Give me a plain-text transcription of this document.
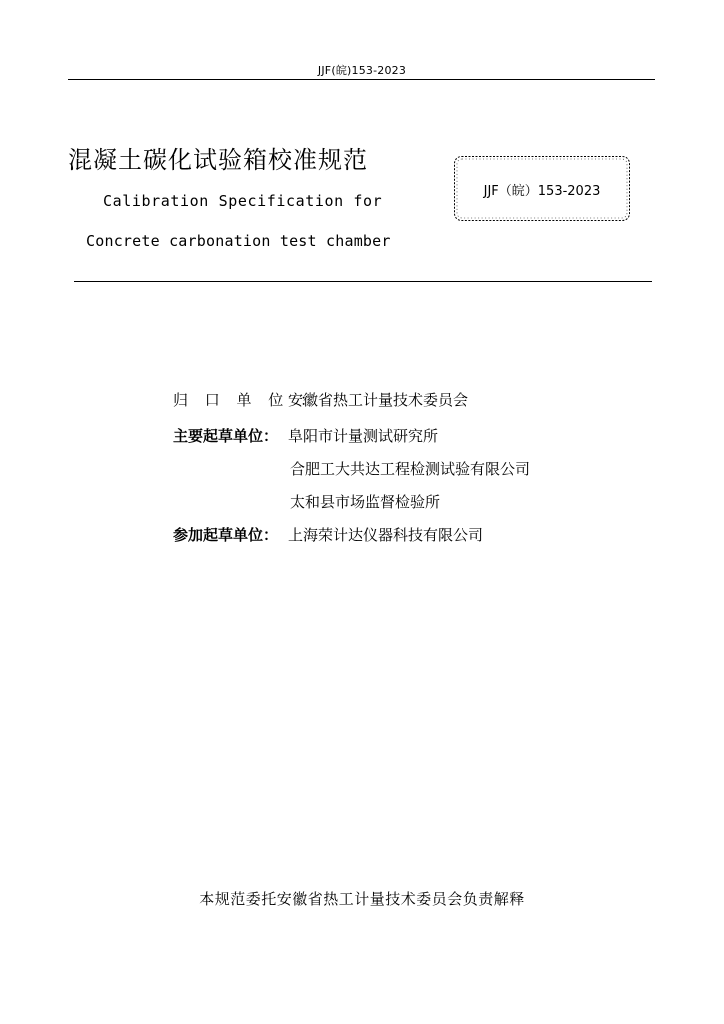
JJF(皖)153-2023
混凝土碳化试验箱校准规范
Calibration Specification for
Concrete carbonation test chamber
JJF（皖）153-2023
归 口 单 位 ：安徽省热工计量技术委员会
主要起草单位： 阜阳市计量测试研究所
合肥工大共达工程检测试验有限公司
太和县市场监督检验所
参加起草单位： 上海荣计达仪器科技有限公司
本规范委托安徽省热工计量技术委员会负责解释
